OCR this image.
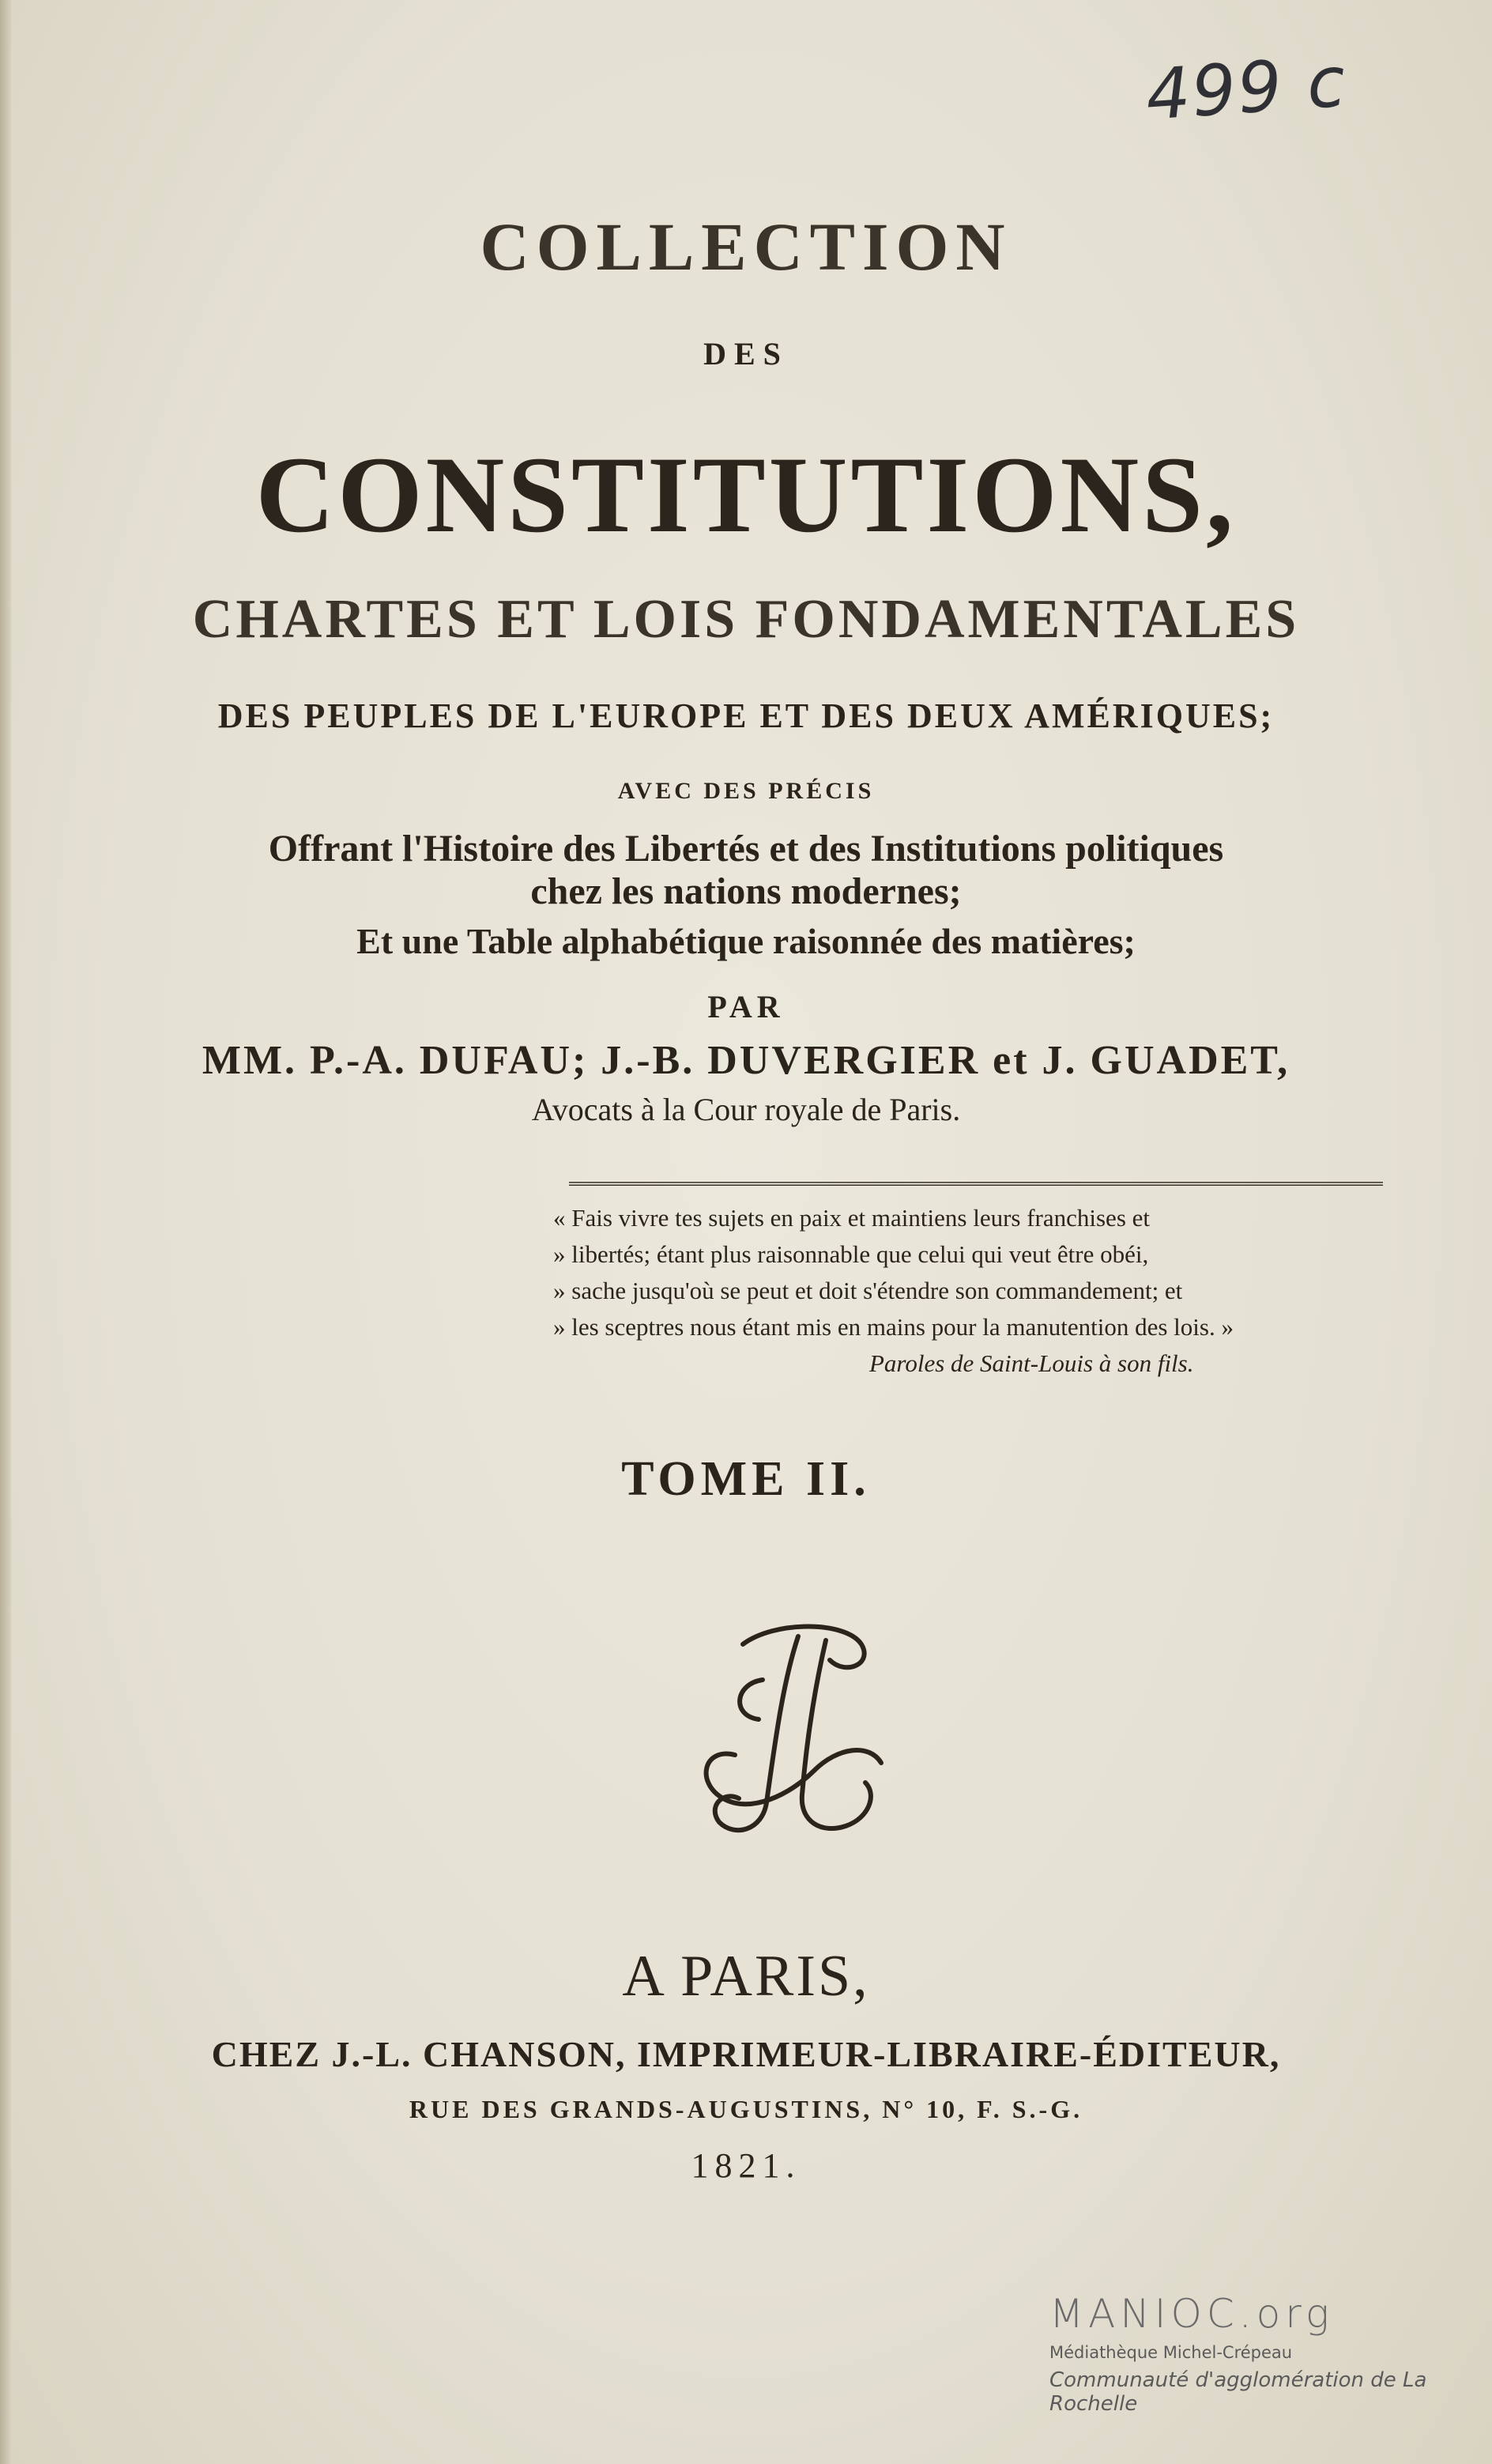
499 c
COLLECTION
DES
CONSTITUTIONS,
CHARTES ET LOIS FONDAMENTALES
DES PEUPLES DE L'EUROPE ET DES DEUX AMÉRIQUES;
AVEC DES PRÉCIS
Offrant l'Histoire des Libertés et des Institutions politiques
chez les nations modernes;
Et une Table alphabétique raisonnée des matières;
PAR
MM. P.-A. DUFAU; J.-B. DUVERGIER et J. GUADET,
Avocats à la Cour royale de Paris.
« Fais vivre tes sujets en paix et maintiens leurs franchises et
» libertés; étant plus raisonnable que celui qui veut être obéi,
» sache jusqu'où se peut et doit s'étendre son commandement; et
» les sceptres nous étant mis en mains pour la manutention des lois. »
Paroles de Saint-Louis à son fils.
TOME II.
A PARIS,
CHEZ J.-L. CHANSON, IMPRIMEUR-LIBRAIRE-ÉDITEUR,
RUE DES GRANDS-AUGUSTINS, N° 10, F. S.-G.
1821.
MANIOC.org
Médiathèque Michel-Crépeau
Communauté d'agglomération de La Rochelle
